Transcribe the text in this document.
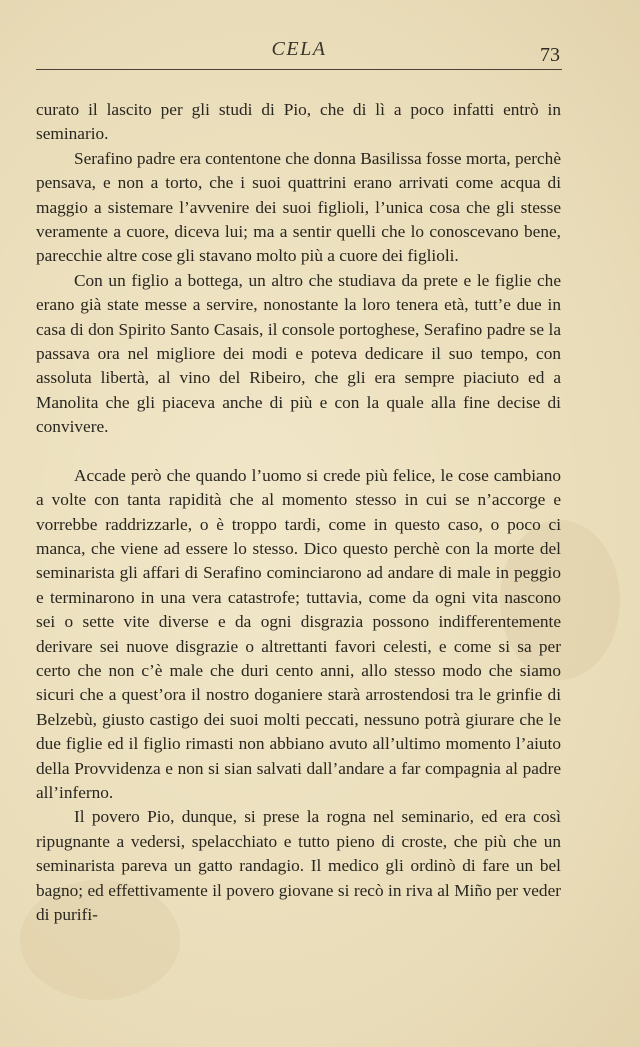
CELA	73

curato il lascito per gli studi di Pio, che di lì a poco infatti entrò in seminario.

Serafino padre era contentone che donna Basilissa fosse morta, perchè pensava, e non a torto, che i suoi quattrini erano arrivati come acqua di maggio a sistemare l’avvenire dei suoi figlioli, l’unica cosa che gli stesse veramente a cuore, diceva lui; ma a sentir quelli che lo conoscevano bene, parecchie altre cose gli stavano molto più a cuore dei figlioli.

Con un figlio a bottega, un altro che studiava da prete e le figlie che erano già state messe a servire, nonostante la loro tenera età, tutt’e due in casa di don Spirito Santo Casais, il console portoghese, Serafino padre se la passava ora nel migliore dei modi e poteva dedicare il suo tempo, con assoluta libertà, al vino del Ribeiro, che gli era sempre piaciuto ed a Manolita che gli piaceva anche di più e con la quale alla fine decise di convivere.

Accade però che quando l’uomo si crede più felice, le cose cambiano a volte con tanta rapidità che al momento stesso in cui se n’accorge e vorrebbe raddrizzarle, o è troppo tardi, come in questo caso, o poco ci manca, che viene ad essere lo stesso. Dico questo perchè con la morte del seminarista gli affari di Serafino cominciarono ad andare di male in peggio e terminarono in una vera catastrofe; tuttavia, come da ogni vita nascono sei o sette vite diverse e da ogni disgrazia possono indifferentemente derivare sei nuove disgrazie o altrettanti favori celesti, e come si sa per certo che non c’è male che duri cento anni, allo stesso modo che siamo sicuri che a quest’ora il nostro doganiere starà arrostendosi tra le grinfie di Belzebù, giusto castigo dei suoi molti peccati, nessuno potrà giurare che le due figlie ed il figlio rimasti non abbiano avuto all’ultimo momento l’aiuto della Provvidenza e non si sian salvati dall’andare a far compagnia al padre all’inferno.

Il povero Pio, dunque, si prese la rogna nel seminario, ed era così ripugnante a vedersi, spelacchiato e tutto pieno di croste, che più che un seminarista pareva un gatto randagio. Il medico gli ordinò di fare un bel bagno; ed effettivamente il povero giovane si recò in riva al Miño per veder di purifi-
